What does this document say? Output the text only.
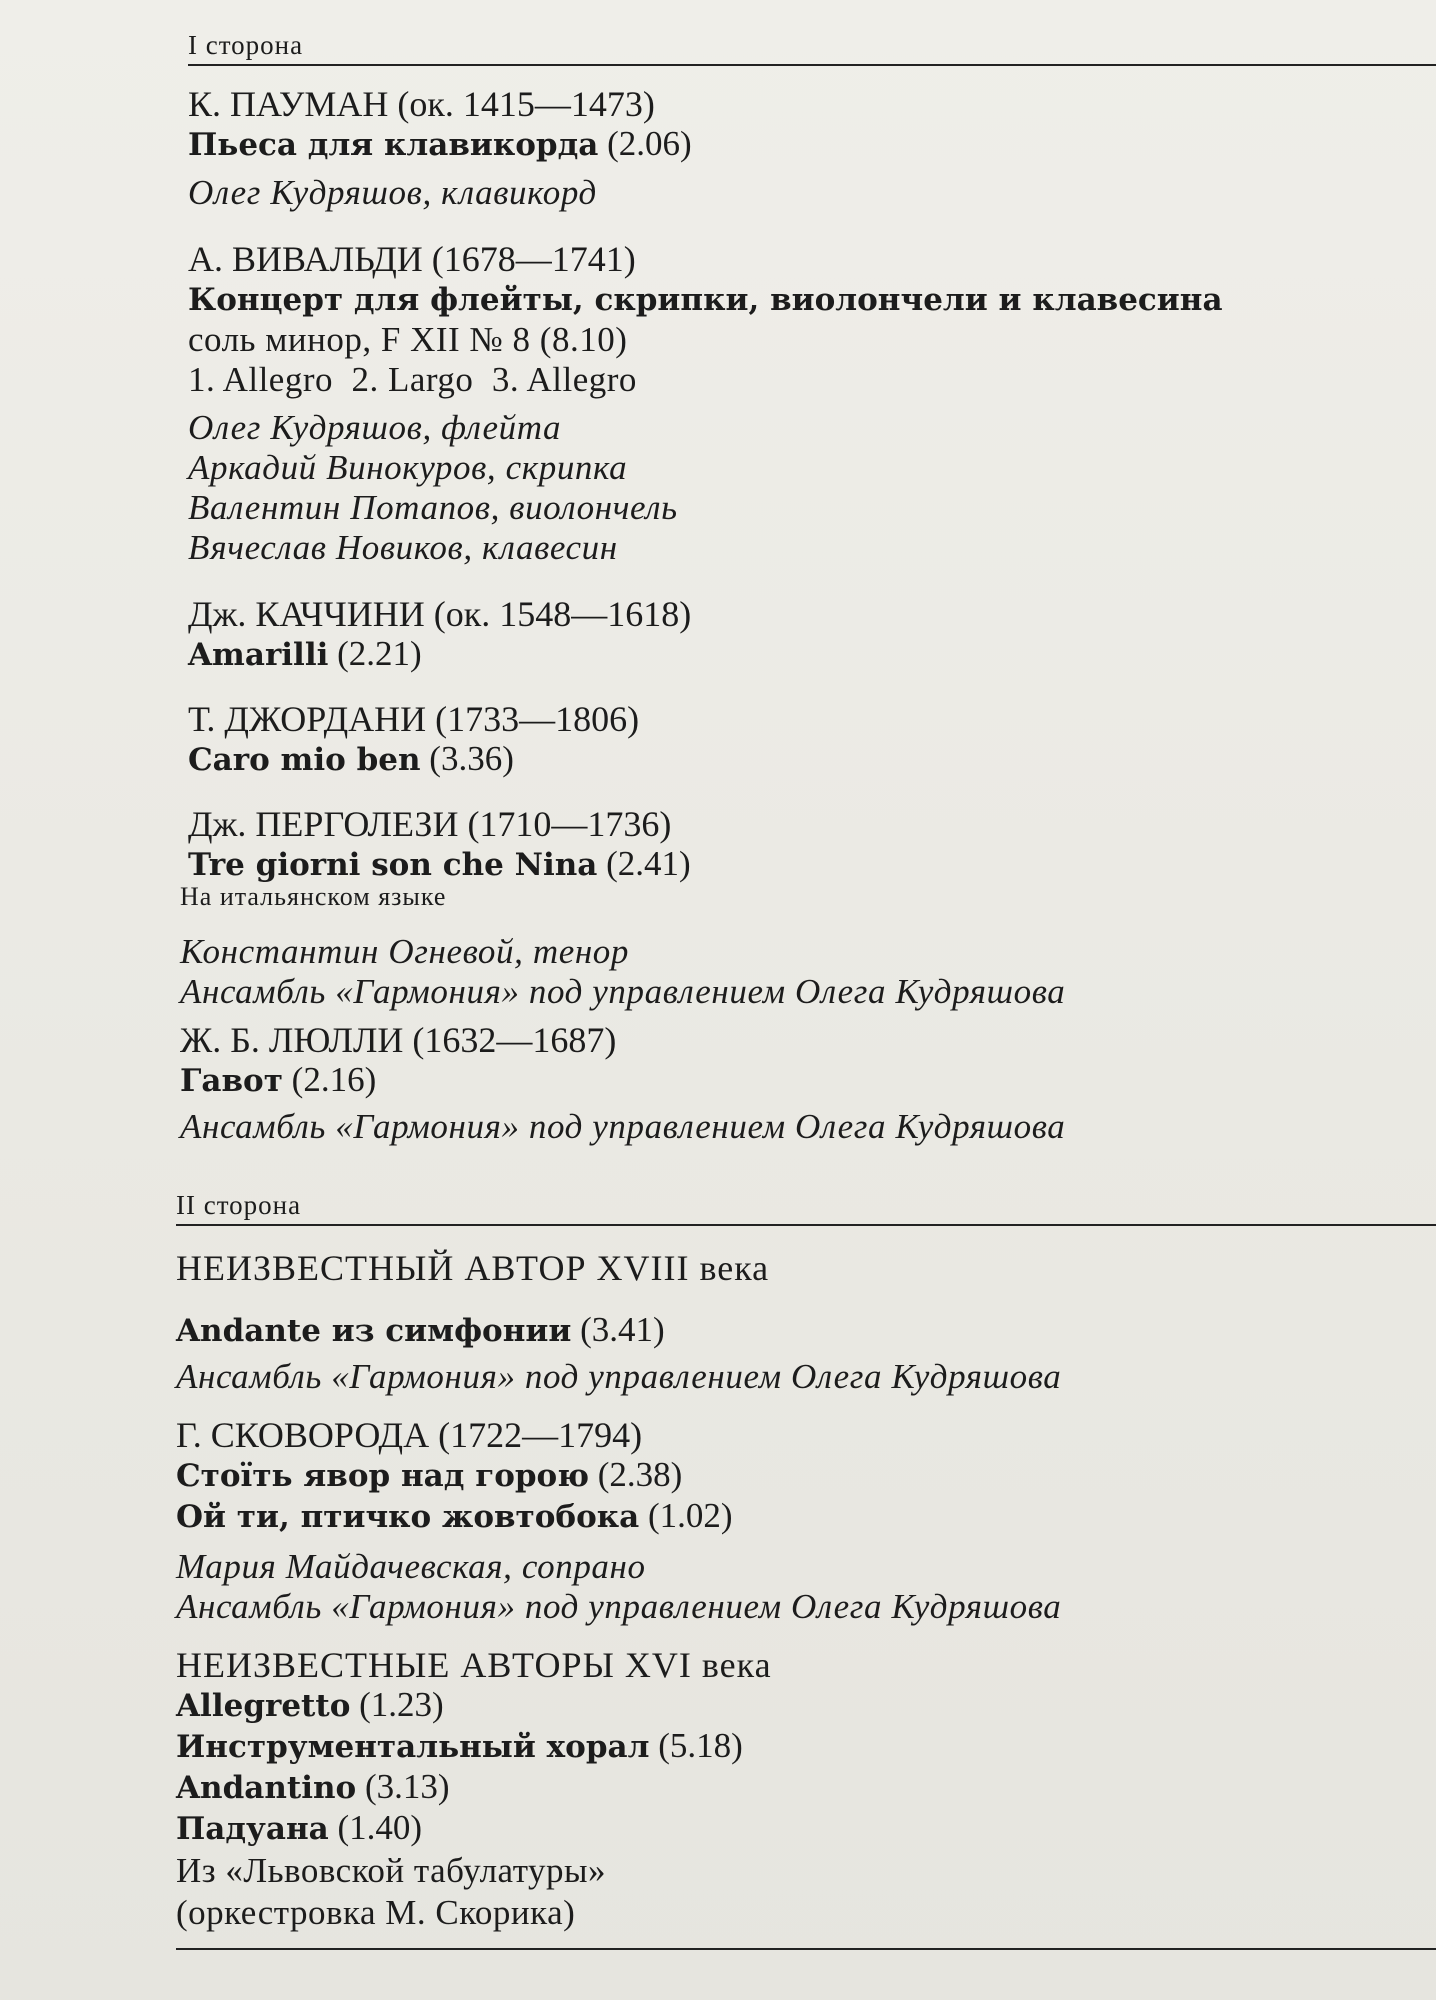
I сторона

К. ПАУМАН (ок. 1415—1473)

Пьеса для клавикорда (2.06)

Олег Кудряшов, клавикорд

А. ВИВАЛЬДИ (1678—1741)

Концерт для флейты, скрипки, виолончели и клавесина

соль минор, F XII № 8 (8.10)

1. Allegro  2. Largo  3. Allegro

Олег Кудряшов, флейта

Аркадий Винокуров, скрипка

Валентин Потапов, виолончель

Вячеслав Новиков, клавесин

Дж. КАЧЧИНИ (ок. 1548—1618)

Amarilli (2.21)

Т. ДЖОРДАНИ (1733—1806)

Caro mio ben (3.36)

Дж. ПЕРГОЛЕЗИ (1710—1736)

Tre giorni son che Nina (2.41)

На итальянском языке

Константин Огневой, тенор

Ансамбль «Гармония» под управлением Олега Кудряшова

Ж. Б. ЛЮЛЛИ (1632—1687)

Гавот (2.16)

Ансамбль «Гармония» под управлением Олега Кудряшова

II сторона

НЕИЗВЕСТНЫЙ АВТОР XVIII века

Andante из симфонии (3.41)

Ансамбль «Гармония» под управлением Олега Кудряшова

Г. СКОВОРОДА (1722—1794)

Стоїть явор над горою (2.38)

Ой ти, птичко жовтобока (1.02)

Мария Майдачевская, сопрано

Ансамбль «Гармония» под управлением Олега Кудряшова

НЕИЗВЕСТНЫЕ АВТОРЫ XVI века

Allegretto (1.23)

Инструментальный хорал (5.18)

Andantino (3.13)

Падуана (1.40)

Из «Львовской табулатуры»

(оркестровка М. Скорика)
